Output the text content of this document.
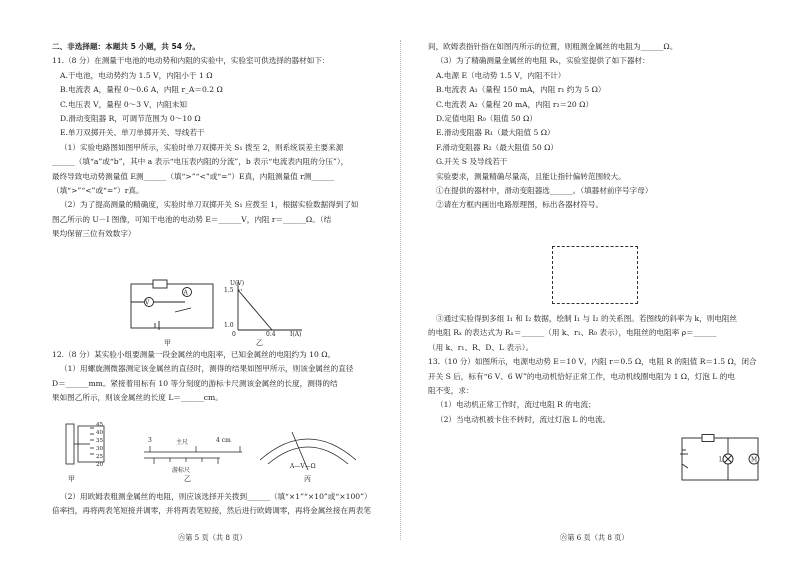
二、非选择题：本题共 5 小题，共 54 分。
11.（8 分）在测量干电池的电动势和内阻的实验中，实验室可供选择的器材如下：
A.干电池，电动势约为 1.5 V，内阻小于 1 Ω
B.电流表 A，量程 0～0.6 A，内阻 r_A＝0.2 Ω
C.电压表 V，量程 0～3 V，内阻未知
D.滑动变阻器 R，可调节范围为 0～10 Ω
E.单刀双掷开关、单刀单掷开关、导线若干
（1）实验电路图如图甲所示，实验时单刀双掷开关 S₁ 拨至 2，则系统误差主要来源
______（填“a”或“b”，其中 a 表示“电压表内阻的分流”，b 表示“电流表内阻的分压”），
最终导致电动势测量值 E测______（填“>”“<”或“=”）E真，内阻测量值 r测______
（填“>”“<”或“=”）r真。
（2）为了提高测量的精确度，实验时单刀双掷开关 S₁ 应拨至 1，根据实验数据得到了如
图乙所示的 U－I 图像，可知干电池的电动势 E＝______V，内阻 r＝______Ω。（结
果均保留三位有效数字）
12.（8 分）某实验小组要测量一段金属丝的电阻率，已知金属丝的电阻约为 10 Ω。
（1）用螺旋测微器测定该金属丝的直径时，测得的结果如图甲所示，则该金属丝的直径
D＝______mm。紧接着用标有 10 等分刻度的游标卡尺测该金属丝的长度，测得的结
果如图乙所示，则该金属丝的长度 L＝______cm。
（2）用欧姆表粗测金属丝的电阻，则应该选择开关拨到______（填“×1”“×10”或“×100”）
倍率挡，再将两表笔短接并调零，并将两表笔短接，然后进行欧姆调零，再将金属丝接在两表笔
V
A
甲
U(V)
1.5
1.0
0	0.4 I(A)
乙
45
40
35
30
25
20
甲
3	主尺	4 cm
游标尺
乙
A—V—Ω
丙
间，欧姆表指针指在如图丙所示的位置，则粗测金属丝的电阻为______Ω。
（3）为了精确测量金属丝的电阻 Rₓ，实验室提供了如下器材：
A.电源 E（电动势 1.5 V，内阻不计）
B.电流表 A₁（量程 150 mA，内阻 r₁ 约为 5 Ω）
C.电流表 A₂（量程 20 mA，内阻 r₂＝20 Ω）
D.定值电阻 R₀（阻值 50 Ω）
E.滑动变阻器 R₁（最大阻值 5 Ω）
F.滑动变阻器 R₂（最大阻值 50 Ω）
G.开关 S 及导线若干
实验要求，测量精确尽量高，且能让指针偏转范围较大。
①在提供的器材中，滑动变阻器选______。（填器材前序号字母）
②请在方框内画出电路原理图，标出各器材符号。
③通过实验得到多组 I₁ 和 I₂ 数据，绘制 I₁ 与 I₂ 的关系图。若图线的斜率为 k，则电阻丝
的电阻 Rₓ 的表达式为 Rₓ＝______（用 k、r₁、R₀ 表示），电阻丝的电阻率 ρ＝______
（用 k、r₁、R、D、L 表示）。
13.（10 分）如图所示，电源电动势 E＝10 V，内阻 r＝0.5 Ω，电阻 R 的阻值 R＝1.5 Ω，闭合
开关 S 后，标有“6 V、6 W”的电动机恰好正常工作，电动机线圈电阻为 1 Ω，灯泡 L 的电
阻不变，求：
（1）电动机正常工作时，流过电阻 R 的电流；
（2）当电动机被卡住不转时，流过灯泡 L 的电流。
M
L
㊅第 5 页（共 8 页）	㊅第 6 页（共 8 页）
